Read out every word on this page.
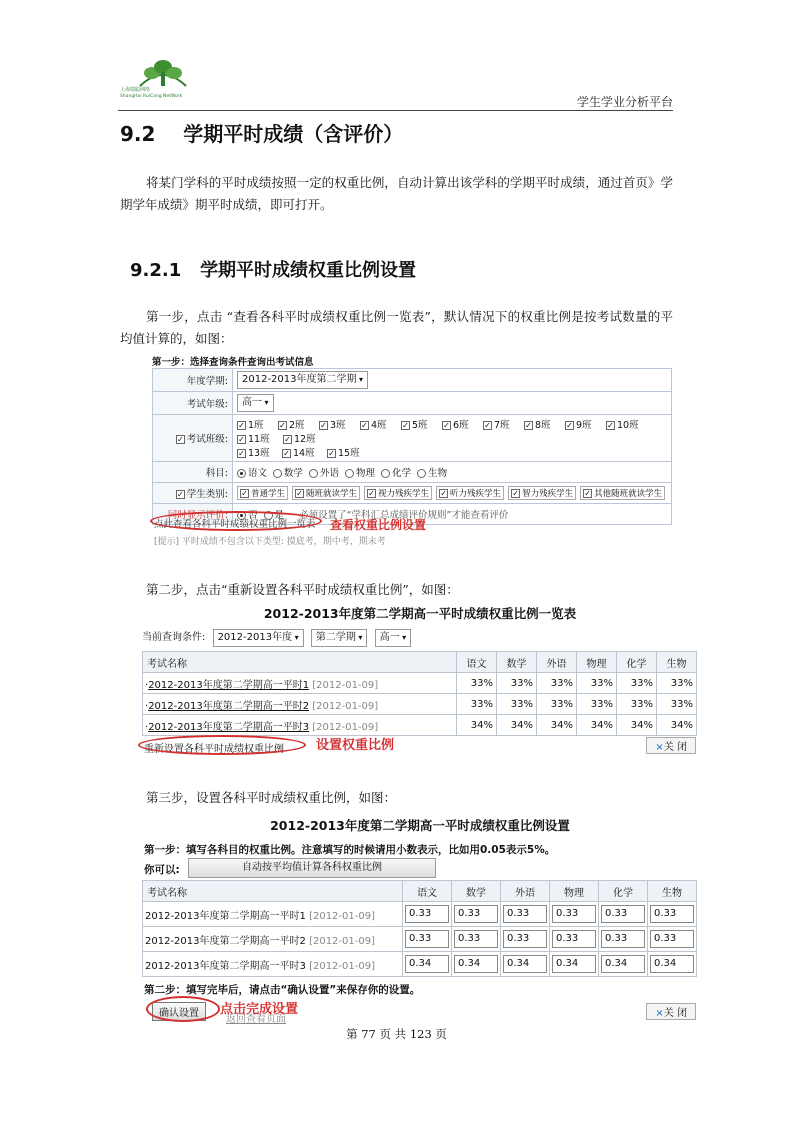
上海瑞聪网络
ShangHai RuiCong NetWork	学生学业分析平台
9.2 学期平时成绩（含评价）

将某门学科的平时成绩按照一定的权重比例，自动计算出该学科的学期平时成绩，通过首页》学期学年成绩》期平时成绩，即可打开。

9.2.1 学期平时成绩权重比例设置

第一步，点击 “查看各科平时成绩权重比例一览表”，默认情况下的权重比例是按考试数量的平均值计算的，如图：

第一步：选择查询条件查询出考试信息
年度学期:	2012-2013年度第二学期 ▾
考试年级:	高一 ▾
✓ 考试班级:	✓ 1班 ✓ 2班 ✓ 3班 ✓ 4班 ✓ 5班 ✓ 6班 ✓ 7班 ✓ 8班 ✓ 9班 ✓ 10班✓ 11班 ✓ 12班
✓ 13班 ✓ 14班 ✓ 15班
科目:	语文 数学 外语 物理 化学 生物
✓ 学生类别:	✓ 普通学生 ✓ 随班就读学生 ✓ 视力残疾学生 ✓ 听力残疾学生 ✓ 智力残疾学生 ✓ 其他随班就读学生
同时显示评价:	否 是 必须设置了“学科汇总成绩评价规则”才能查看评价
点此查看各科平时成绩权重比例一览表 查看权重比例设置
[提示] 平时成绩不包含以下类型: 摸底考，期中考，期末考
第二步，点击“重新设置各科平时成绩权重比例”，如图：
2012-2013年度第二学期高一平时成绩权重比例一览表
当前查询条件: 2012-2013年度 ▾ 第二学期 ▾ 高一 ▾
考试名称	语文	数学	外语	物理	化学	生物
·2012-2013年度第二学期高一平时1 [2012-01-09]	33%	33%	33%	33%	33%	33%
·2012-2013年度第二学期高一平时2 [2012-01-09]	33%	33%	33%	33%	33%	33%
·2012-2013年度第二学期高一平时3 [2012-01-09]	34%	34%	34%	34%	34%	34%
重新设置各科平时成绩权重比例 设置权重比例	×关 闭
第三步，设置各科平时成绩权重比例，如图：
2012-2013年度第二学期高一平时成绩权重比例设置
第一步：填写各科目的权重比例。注意填写的时候请用小数表示，比如用0.05表示5%。
你可以:	自动按平均值计算各科权重比例
考试名称	语文	数学	外语	物理	化学	生物
2012-2013年度第二学期高一平时1 [2012-01-09]	0.33	0.33	0.33	0.33	0.33	0.33

2012-2013年度第二学期高一平时2 [2012-01-09]	0.33	0.33	0.33	0.33	0.33	0.33

2012-2013年度第二学期高一平时3 [2012-01-09]	0.34	0.34	0.34	0.34	0.34	0.34
第二步：填写完毕后，请点击“确认设置”来保存你的设置。
返回查看页面
确认设置	点击完成设置	×关 闭
第 77 页 共 123 页
